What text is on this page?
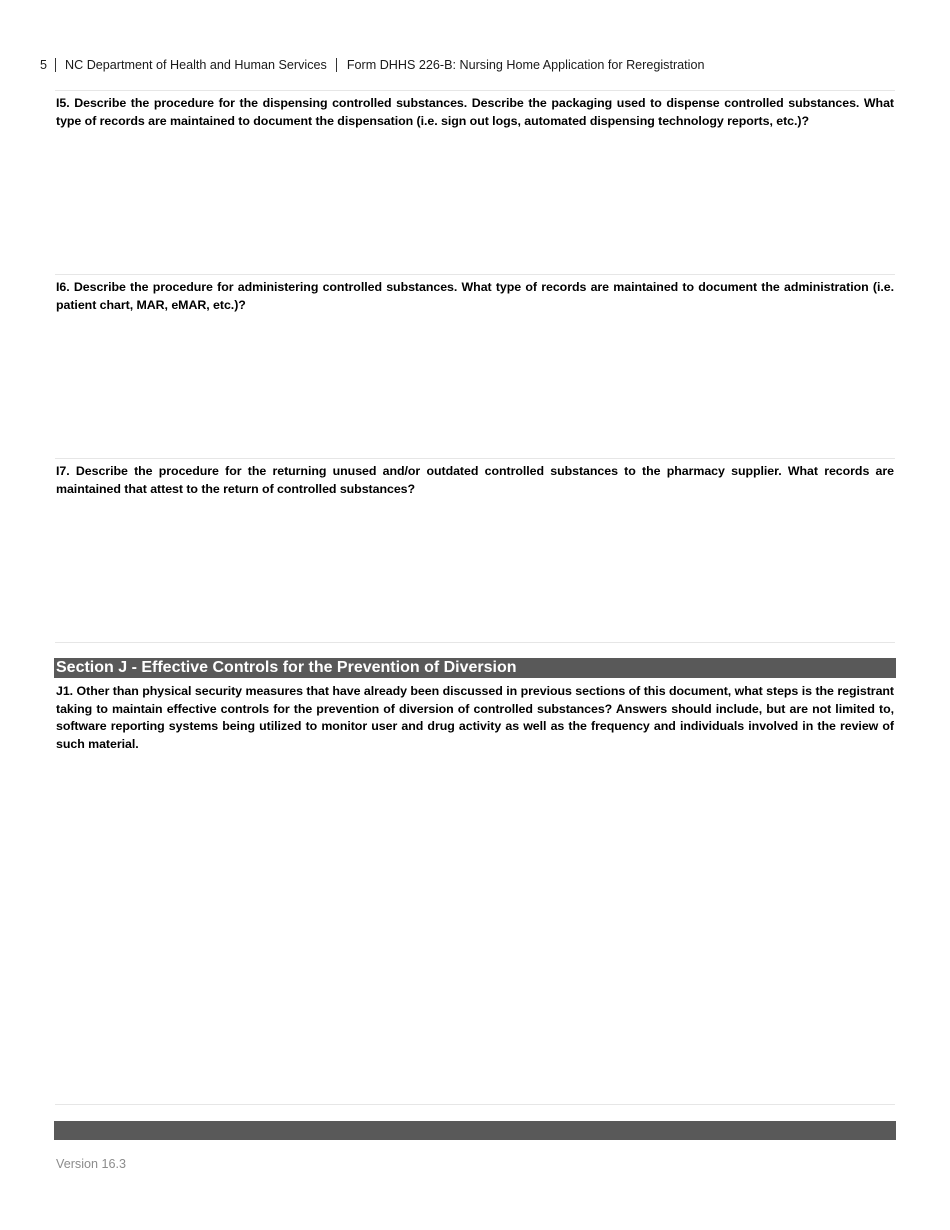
5	NC Department of Health and Human Services	Form DHHS 226-B: Nursing Home Application for Reregistration
I5. Describe the procedure for the dispensing controlled substances. Describe the packaging used to dispense controlled substances. What type of records are maintained to document the dispensation (i.e. sign out logs, automated dispensing technology reports, etc.)?
I6. Describe the procedure for administering controlled substances. What type of records are maintained to document the administration (i.e. patient chart, MAR, eMAR, etc.)?
I7. Describe the procedure for the returning unused and/or outdated controlled substances to the pharmacy supplier. What records are maintained that attest to the return of controlled substances?
Section J - Effective Controls for the Prevention of Diversion
J1. Other than physical security measures that have already been discussed in previous sections of this document, what steps is the registrant taking to maintain effective controls for the prevention of diversion of controlled substances? Answers should include, but are not limited to, software reporting systems being utilized to monitor user and drug activity as well as the frequency and individuals involved in the review of such material.
Version 16.3
